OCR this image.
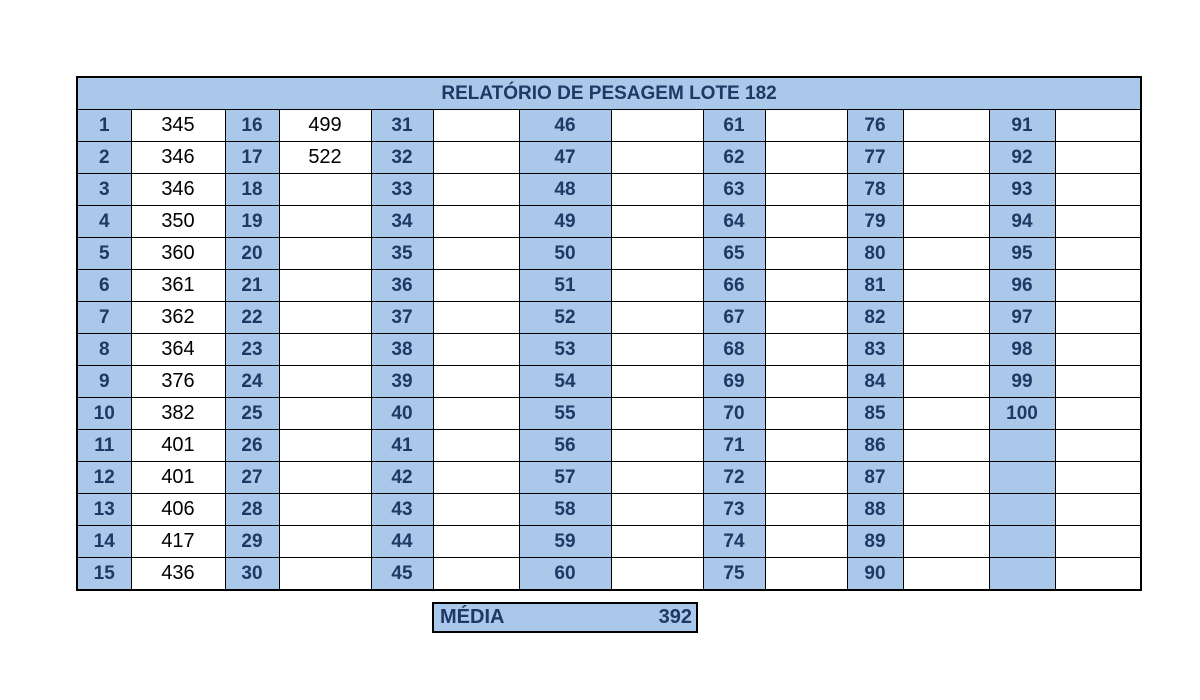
RELATÓRIO DE PESAGEM LOTE 182													
1	345	16	499	31		46		61		76		91	
2	346	17	522	32		47		62		77		92	
3	346	18		33		48		63		78		93	
4	350	19		34		49		64		79		94	
5	360	20		35		50		65		80		95	
6	361	21		36		51		66		81		96	
7	362	22		37		52		67		82		97	
8	364	23		38		53		68		83		98	
9	376	24		39		54		69		84		99	
10	382	25		40		55		70		85		100	
11	401	26		41		56		71		86			
12	401	27		42		57		72		87			
13	406	28		43		58		73		88			
14	417	29		44		59		74		89			
15	436	30		45		60		75		90			
MÉDIA	392
